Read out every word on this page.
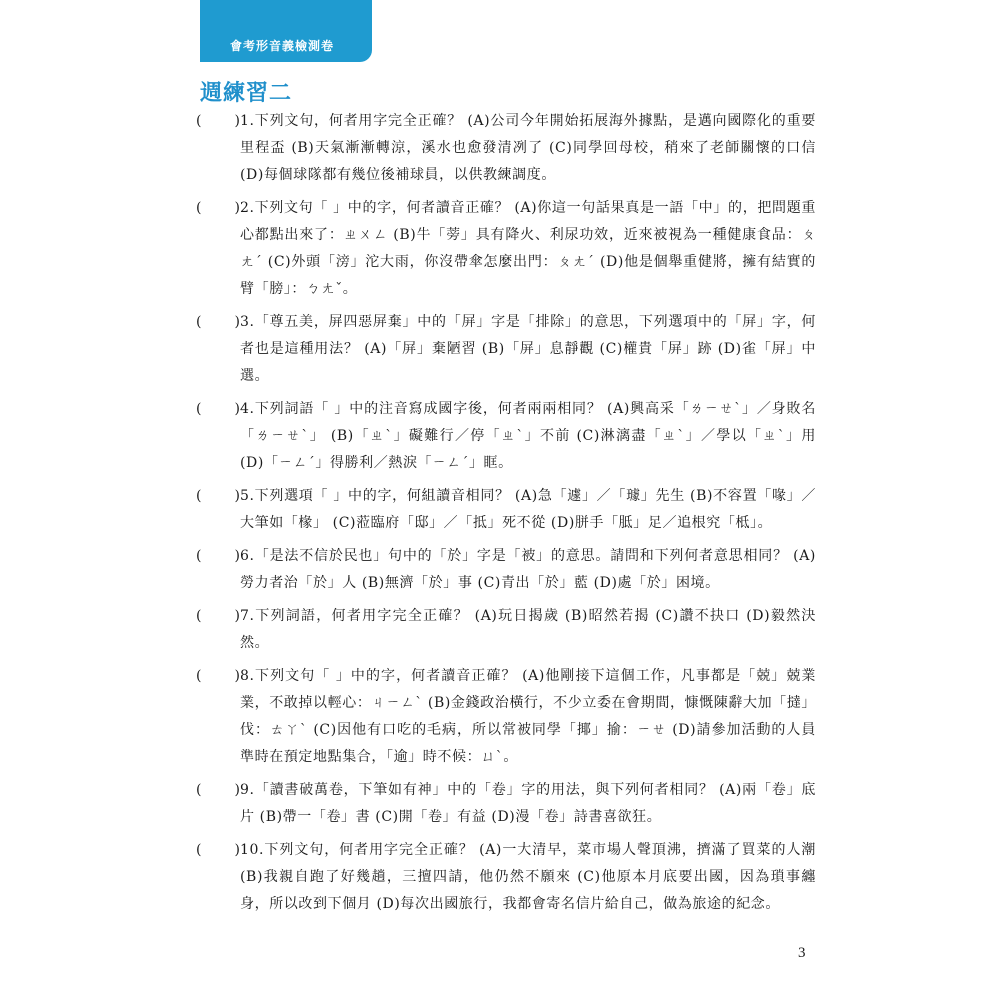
會考形音義檢測卷
週練習二
( ) 1.下列文句，何者用字完全正確？ (A)公司今年開始拓展海外據點，是邁向國際化的重要里程盃 (B)天氣漸漸轉涼，溪水也愈發清冽了 (C)同學回母校，稍來了老師關懷的口信 (D)每個球隊都有幾位後補球員，以供教練調度。
( ) 2.下列文句「 」中的字，何者讀音正確？ (A)你這一句話果真是一語「中」的，把問題重心都點出來了：ㄓㄨㄥ (B)牛「蒡」具有降火、利尿功效，近來被視為一種健康食品：ㄆㄤˊ (C)外頭「滂」沱大雨，你沒帶傘怎麼出門：ㄆㄤˊ (D)他是個舉重健將，擁有結實的臂「膀」：ㄅㄤˇ。
( ) 3.「尊五美，屏四惡屏棄」中的「屏」字是「排除」的意思，下列選項中的「屏」字，何者也是這種用法？ (A)「屏」棄陋習 (B)「屏」息靜觀 (C)權貴「屏」跡 (D)雀「屏」中選。
( ) 4.下列詞語「 」中的注音寫成國字後，何者兩兩相同？ (A)興高采「ㄌㄧㄝˋ」／身敗名「ㄌㄧㄝˋ」 (B)「ㄓˋ」礙難行／停「ㄓˋ」不前 (C)淋漓盡「ㄓˋ」／學以「ㄓˋ」用 (D)「ㄧㄥˊ」得勝利／熱淚「ㄧㄥˊ」眶。
( ) 5.下列選項「 」中的字，何組讀音相同？ (A)急「遽」／「璩」先生 (B)不容置「喙」／大筆如「椽」 (C)蒞臨府「邸」／「抵」死不從 (D)胼手「胝」足／追根究「柢」。
( ) 6.「是法不信於民也」句中的「於」字是「被」的意思。請問和下列何者意思相同？ (A)勞力者治「於」人 (B)無濟「於」事 (C)青出「於」藍 (D)處「於」困境。
( ) 7.下列詞語，何者用字完全正確？ (A)玩日揭歲 (B)昭然若揭 (C)讚不抉口 (D)毅然決然。
( ) 8.下列文句「 」中的字，何者讀音正確？ (A)他剛接下這個工作，凡事都是「兢」兢業業，不敢掉以輕心：ㄐㄧㄥˋ (B)金錢政治橫行，不少立委在會期間，慷慨陳辭大加「撻」伐：ㄊㄚˋ (C)因他有口吃的毛病，所以常被同學「揶」揄：ㄧㄝ (D)請參加活動的人員準時在預定地點集合，「逾」時不候：ㄩˋ。
( ) 9.「讀書破萬卷，下筆如有神」中的「卷」字的用法，與下列何者相同？ (A)兩「卷」底片 (B)帶一「卷」書 (C)開「卷」有益 (D)漫「卷」詩書喜欲狂。
( ) 10.下列文句，何者用字完全正確？ (A)一大清早，菜市場人聲頂沸，擠滿了買菜的人潮 (B)我親自跑了好幾趟，三擅四請，他仍然不願來 (C)他原本月底要出國，因為瑣事纏身，所以改到下個月 (D)每次出國旅行，我都會寄名信片給自己，做為旅途的紀念。
3
